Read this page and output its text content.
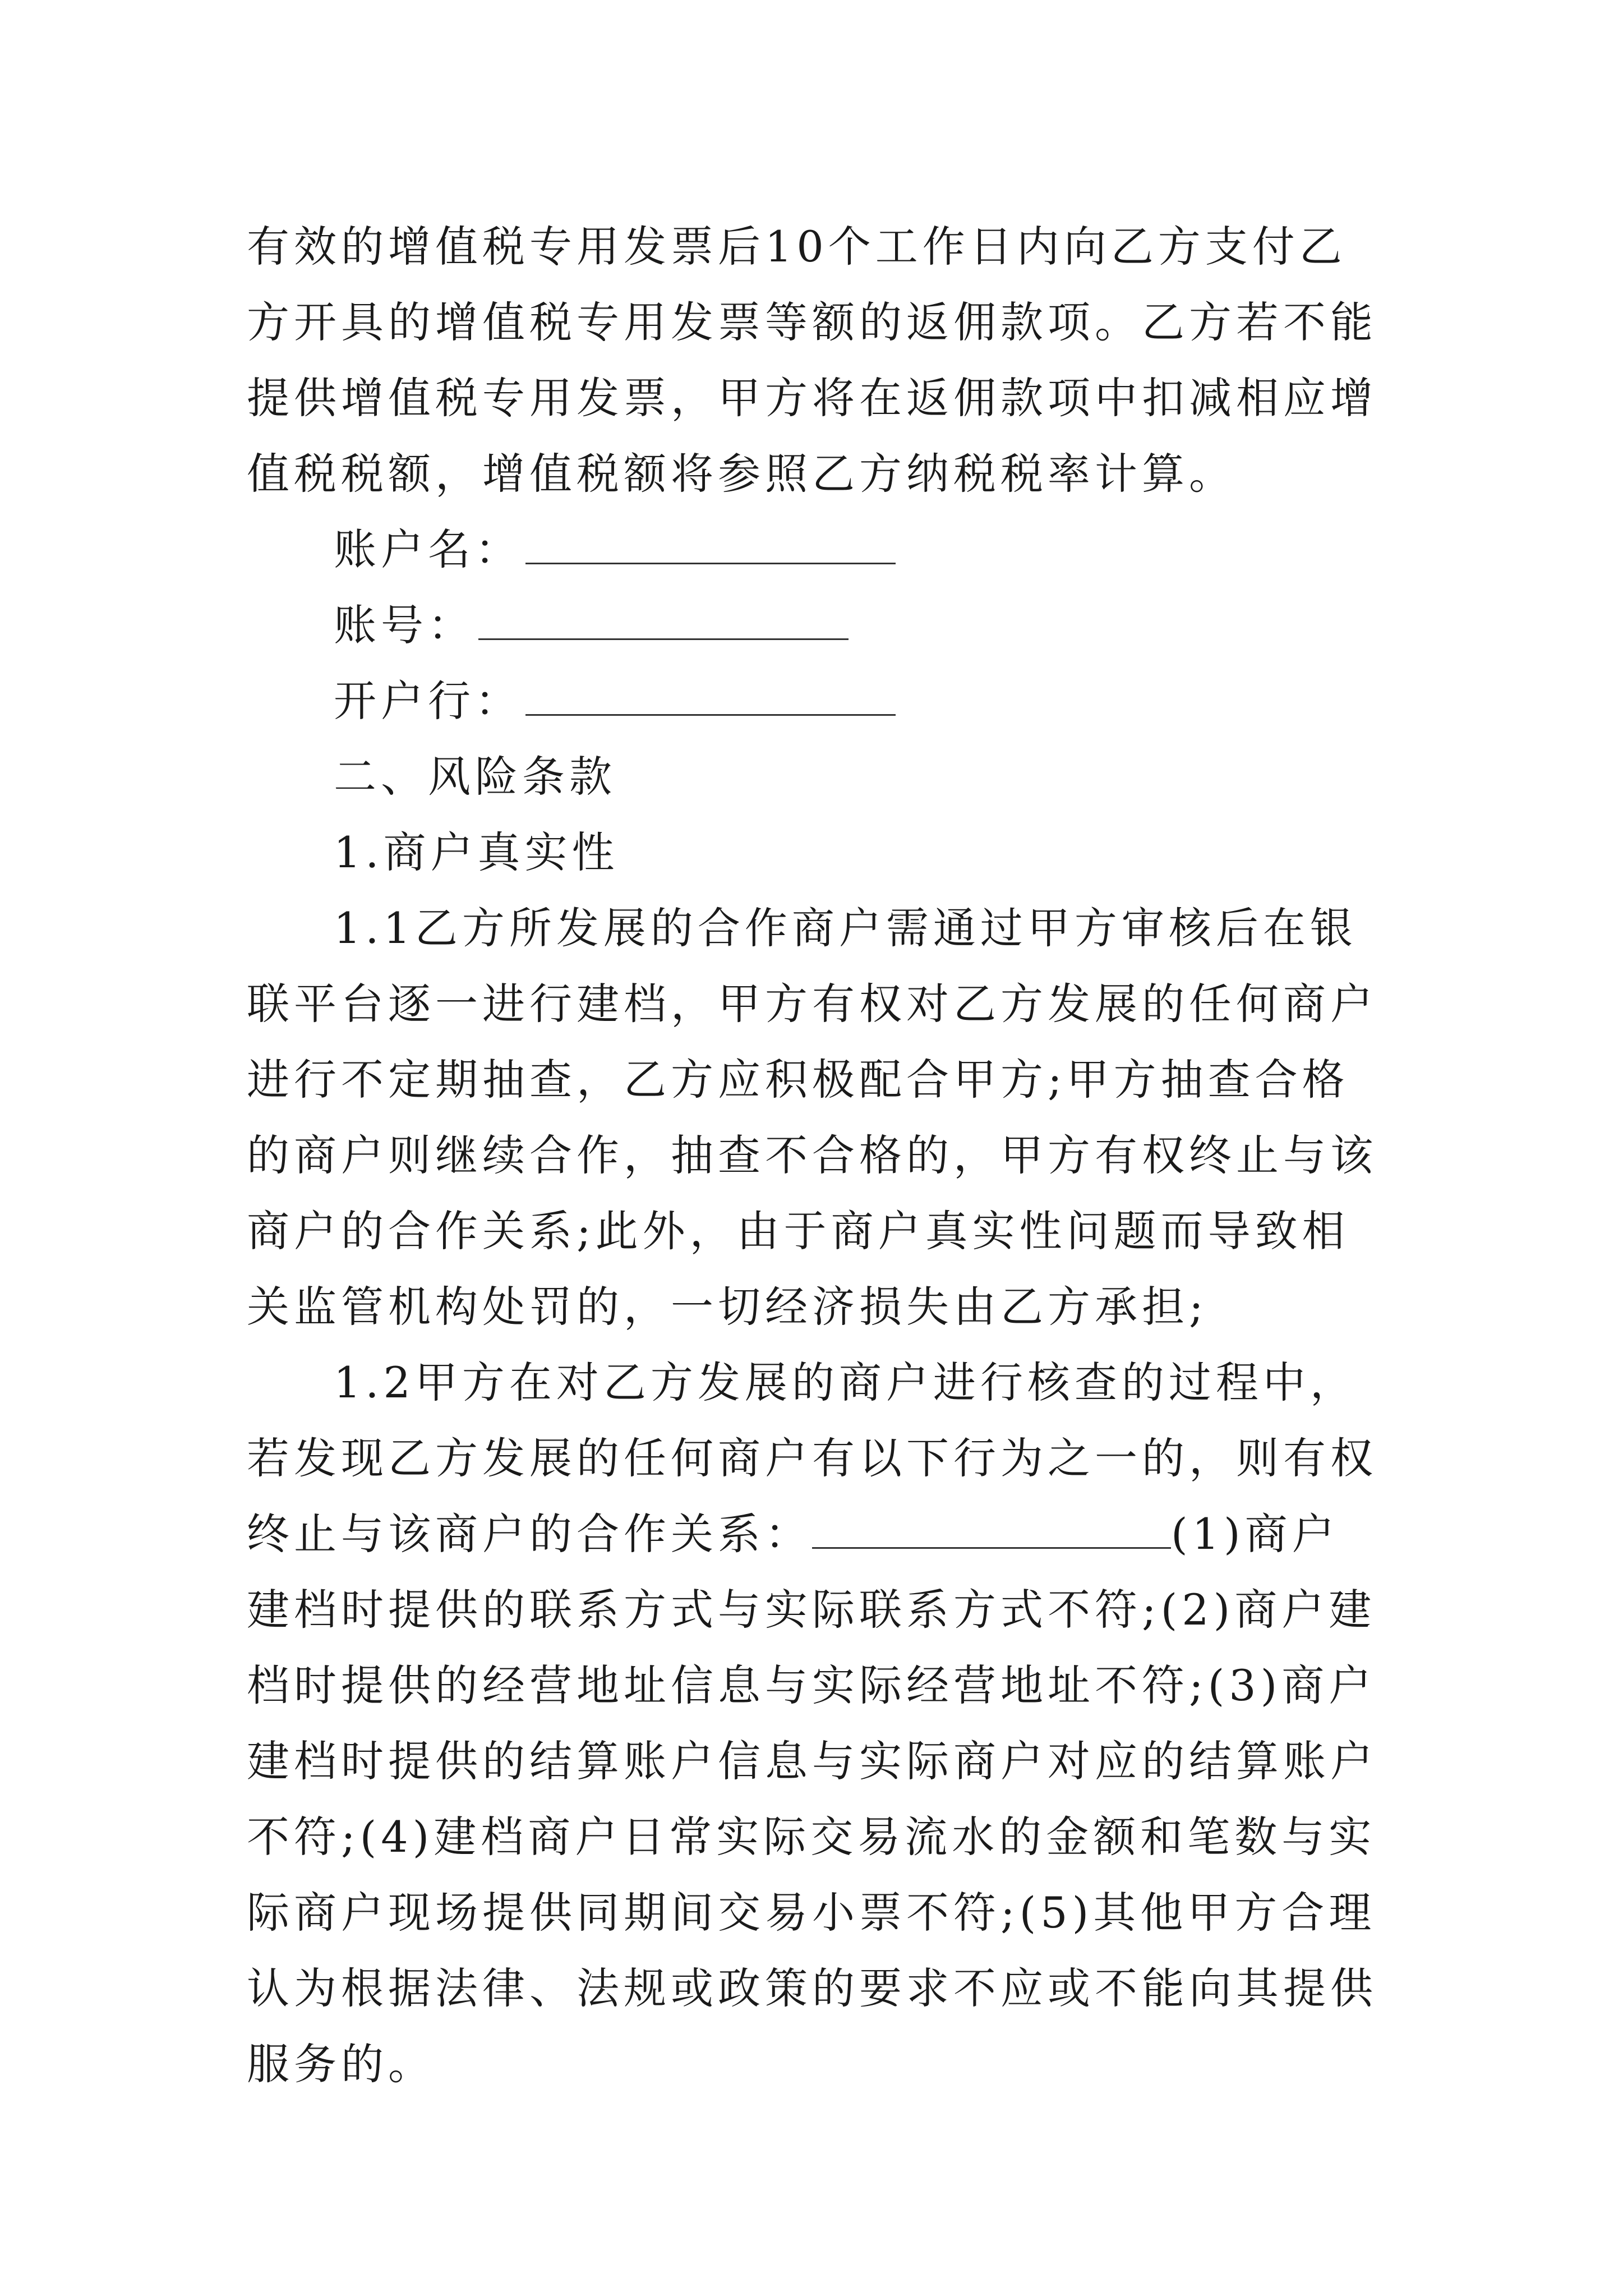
有效的增值税专用发票后10个工作日内向乙方支付乙方开具的增值税专用发票等额的返佣款项。乙方若不能提供增值税专用发票，甲方将在返佣款项中扣减相应增值税税额，增值税额将参照乙方纳税税率计算。

账户名：

账号：

开户行：

二、风险条款

1.商户真实性

1.1乙方所发展的合作商户需通过甲方审核后在银联平台逐一进行建档，甲方有权对乙方发展的任何商户进行不定期抽查，乙方应积极配合甲方;甲方抽查合格的商户则继续合作，抽查不合格的，甲方有权终止与该商户的合作关系;此外，由于商户真实性问题而导致相关监管机构处罚的，一切经济损失由乙方承担;

1.2甲方在对乙方发展的商户进行核查的过程中，若发现乙方发展的任何商户有以下行为之一的，则有权终止与该商户的合作关系：	(1)商户建档时提供的联系方式与实际联系方式不符;(2)商户建档时提供的经营地址信息与实际经营地址不符;(3)商户建档时提供的结算账户信息与实际商户对应的结算账户不符;(4)建档商户日常实际交易流水的金额和笔数与实际商户现场提供同期间交易小票不符;(5)其他甲方合理认为根据法律、法规或政策的要求不应或不能向其提供服务的。
